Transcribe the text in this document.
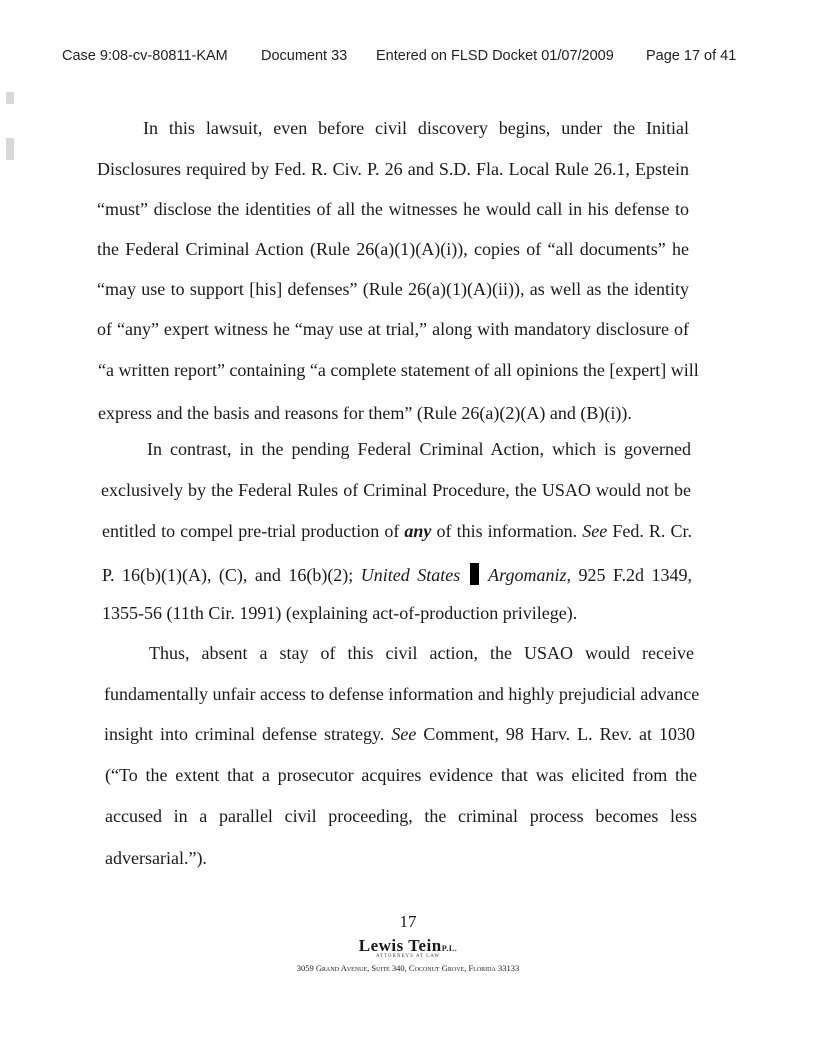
Case 9:08-cv-80811-KAM Document 33 Entered on FLSD Docket 01/07/2009 Page 17 of 41
In this lawsuit, even before civil discovery begins, under the Initial
Disclosures required by Fed. R. Civ. P. 26 and S.D. Fla. Local Rule 26.1, Epstein
“must” disclose the identities of all the witnesses he would call in his defense to
the Federal Criminal Action (Rule 26(a)(1)(A)(i)), copies of “all documents” he
“may use to support [his] defenses” (Rule 26(a)(1)(A)(ii)), as well as the identity
of “any” expert witness he “may use at trial,” along with mandatory disclosure of
“a written report” containing “a complete statement of all opinions the [expert] will
express and the basis and reasons for them” (Rule 26(a)(2)(A) and (B)(i)).
In contrast, in the pending Federal Criminal Action, which is governed
exclusively by the Federal Rules of Criminal Procedure, the USAO would not be
entitled to compel pre-trial production of any of this information. See Fed. R. Cr.
P. 16(b)(1)(A), (C), and 16(b)(2); United States Argomaniz, 925 F.2d 1349,
1355-56 (11th Cir. 1991) (explaining act-of-production privilege).
Thus, absent a stay of this civil action, the USAO would receive
fundamentally unfair access to defense information and highly prejudicial advance
insight into criminal defense strategy. See Comment, 98 Harv. L. Rev. at 1030
(“To the extent that a prosecutor acquires evidence that was elicited from the
accused in a parallel civil proceeding, the criminal process becomes less
adversarial.”).
17
Lewis TeinP.L.
ATTORNEYS AT LAW
3059 Grand Avenue, Suite 340, Coconut Grove, Florida 33133
